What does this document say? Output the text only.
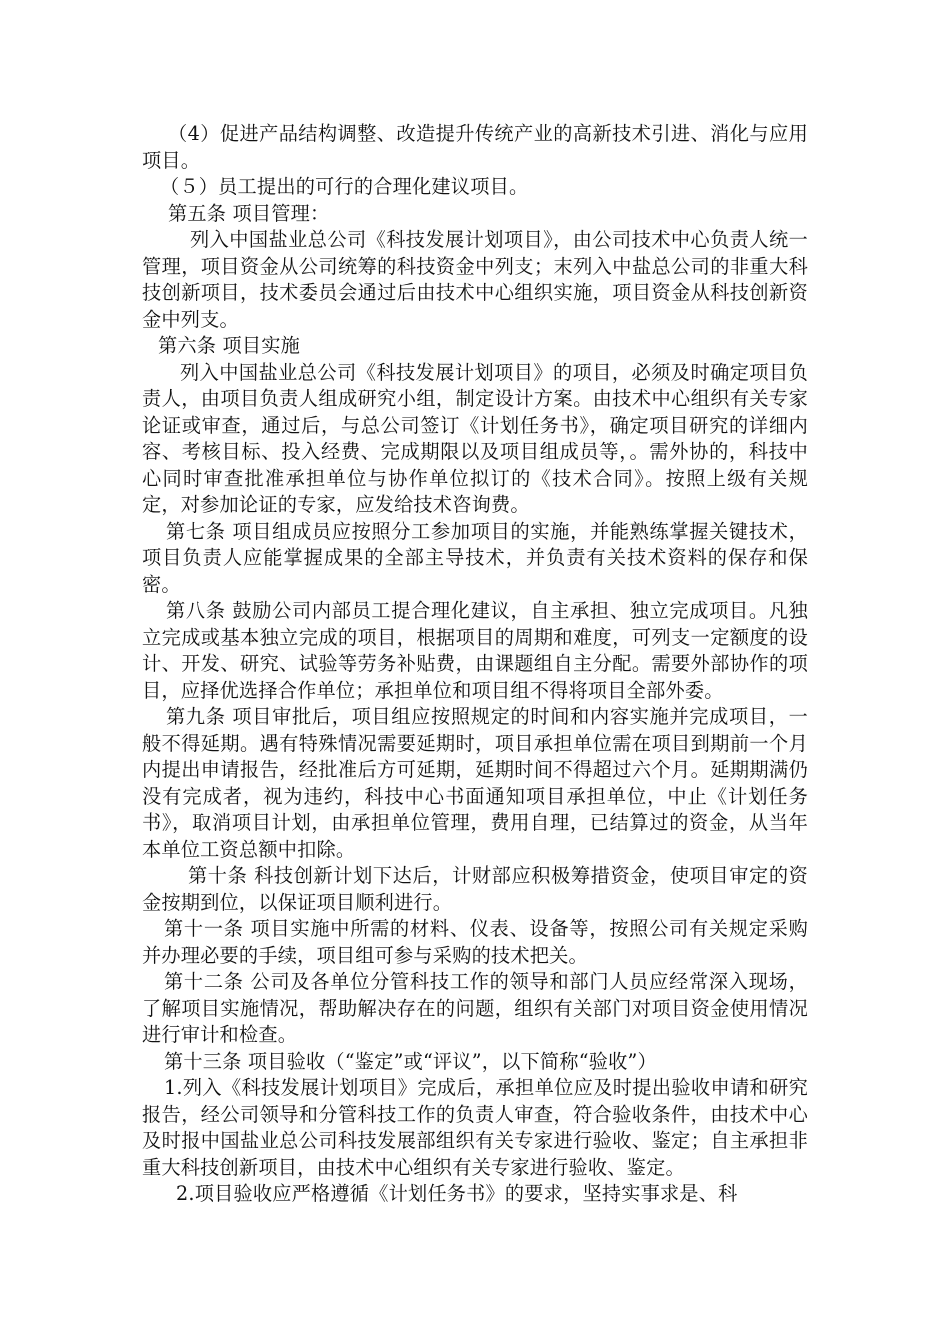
（4）促进产品结构调整、改造提升传统产业的高新技术引进、消化与应用项目。

（５）员工提出的可行的合理化建议项目。

第五条 项目管理：

列入中国盐业总公司《科技发展计划项目》，由公司技术中心负责人统一管理，项目资金从公司统筹的科技资金中列支；末列入中盐总公司的非重大科技创新项目，技术委员会通过后由技术中心组织实施，项目资金从科技创新资金中列支。

第六条 项目实施

列入中国盐业总公司《科技发展计划项目》的项目，必须及时确定项目负责人，由项目负责人组成研究小组，制定设计方案。由技术中心组织有关专家论证或审查，通过后，与总公司签订《计划任务书》，确定项目研究的详细内容、考核目标、投入经费、完成期限以及项目组成员等，。需外协的，科技中心同时审查批准承担单位与协作单位拟订的《技术合同》。按照上级有关规定，对参加论证的专家，应发给技术咨询费。

第七条 项目组成员应按照分工参加项目的实施，并能熟练掌握关键技术，项目负责人应能掌握成果的全部主导技术，并负责有关技术资料的保存和保密。

第八条 鼓励公司内部员工提合理化建议，自主承担、独立完成项目。凡独立完成或基本独立完成的项目，根据项目的周期和难度，可列支一定额度的设计、开发、研究、试验等劳务补贴费，由课题组自主分配。需要外部协作的项目，应择优选择合作单位；承担单位和项目组不得将项目全部外委。

第九条 项目审批后，项目组应按照规定的时间和内容实施并完成项目，一般不得延期。遇有特殊情况需要延期时，项目承担单位需在项目到期前一个月内提出申请报告，经批准后方可延期，延期时间不得超过六个月。延期期满仍没有完成者，视为违约，科技中心书面通知项目承担单位，中止《计划任务书》，取消项目计划，由承担单位管理，费用自理，已结算过的资金，从当年本单位工资总额中扣除。

第十条 科技创新计划下达后，计财部应积极筹措资金，使项目审定的资金按期到位，以保证项目顺利进行。

第十一条 项目实施中所需的材料、仪表、设备等，按照公司有关规定采购并办理必要的手续，项目组可参与采购的技术把关。

第十二条 公司及各单位分管科技工作的领导和部门人员应经常深入现场，了解项目实施情况，帮助解决存在的问题，组织有关部门对项目资金使用情况进行审计和检查。

第十三条 项目验收（“鉴定”或“评议”，以下简称“验收”）

1.列入《科技发展计划项目》完成后，承担单位应及时提出验收申请和研究报告，经公司领导和分管科技工作的负责人审查，符合验收条件，由技术中心及时报中国盐业总公司科技发展部组织有关专家进行验收、鉴定；自主承担非重大科技创新项目，由技术中心组织有关专家进行验收、鉴定。

2.项目验收应严格遵循《计划任务书》的要求，坚持实事求是、科
